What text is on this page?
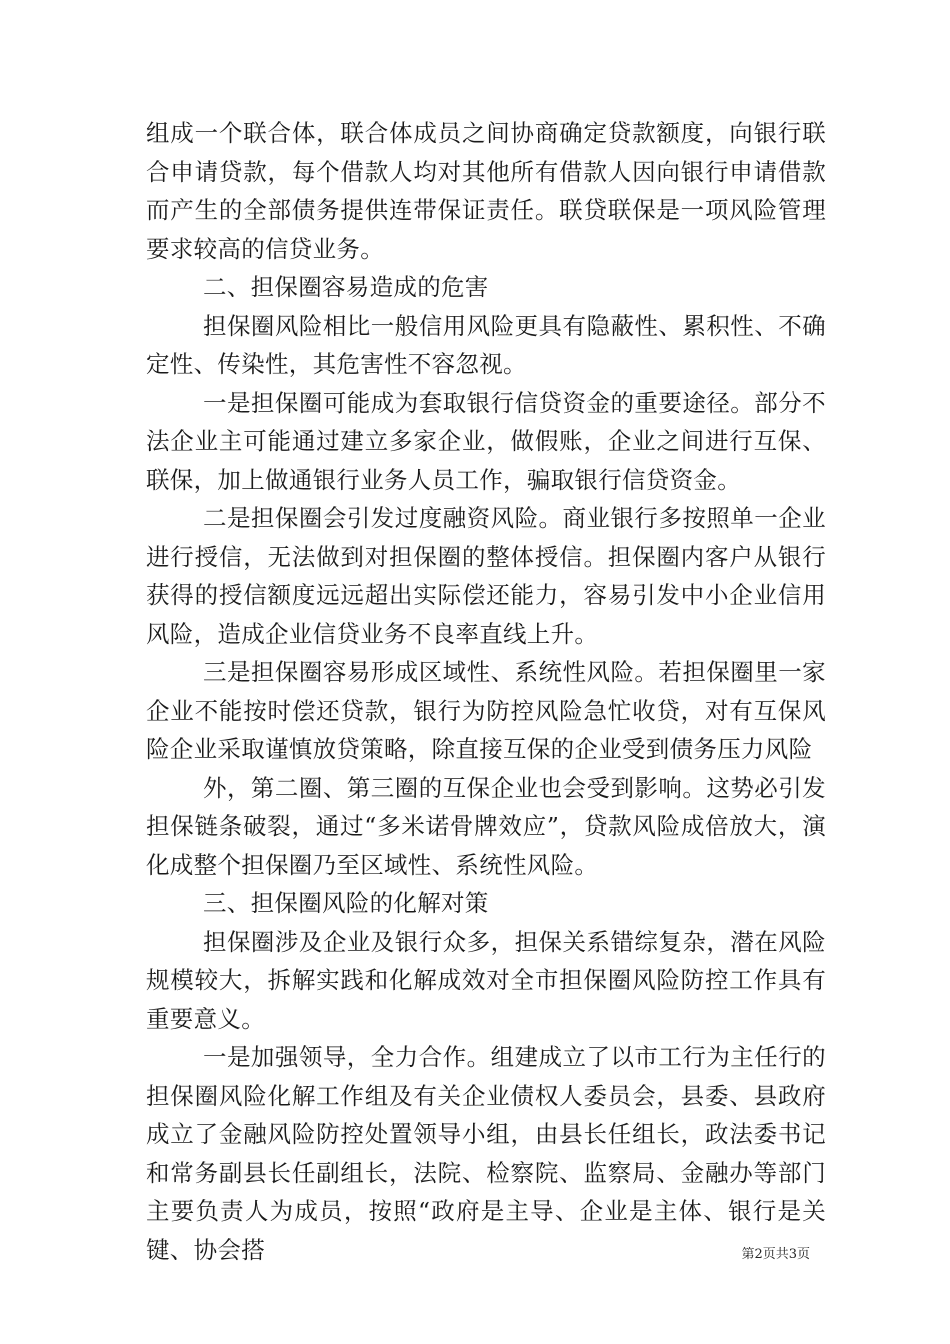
组成一个联合体，联合体成员之间协商确定贷款额度，向银行联合申请贷款，每个借款人均对其他所有借款人因向银行申请借款而产生的全部债务提供连带保证责任。联贷联保是一项风险管理要求较高的信贷业务。

二、担保圈容易造成的危害

担保圈风险相比一般信用风险更具有隐蔽性、累积性、不确定性、传染性，其危害性不容忽视。

一是担保圈可能成为套取银行信贷资金的重要途径。部分不法企业主可能通过建立多家企业，做假账，企业之间进行互保、联保，加上做通银行业务人员工作，骗取银行信贷资金。

二是担保圈会引发过度融资风险。商业银行多按照单一企业进行授信，无法做到对担保圈的整体授信。担保圈内客户从银行获得的授信额度远远超出实际偿还能力，容易引发中小企业信用风险，造成企业信贷业务不良率直线上升。

三是担保圈容易形成区域性、系统性风险。若担保圈里一家企业不能按时偿还贷款，银行为防控风险急忙收贷，对有互保风险企业采取谨慎放贷策略，除直接互保的企业受到债务压力风险

外，第二圈、第三圈的互保企业也会受到影响。这势必引发担保链条破裂，通过“多米诺骨牌效应”，贷款风险成倍放大，演化成整个担保圈乃至区域性、系统性风险。

三、担保圈风险的化解对策

担保圈涉及企业及银行众多，担保关系错综复杂，潜在风险规模较大，拆解实践和化解成效对全市担保圈风险防控工作具有重要意义。

一是加强领导，全力合作。组建成立了以市工行为主任行的担保圈风险化解工作组及有关企业债权人委员会，县委、县政府成立了金融风险防控处置领导小组，由县长任组长，政法委书记和常务副县长任副组长，法院、检察院、监察局、金融办等部门主要负责人为成员，按照“政府是主导、企业是主体、银行是关键、协会搭	第2页共3页
